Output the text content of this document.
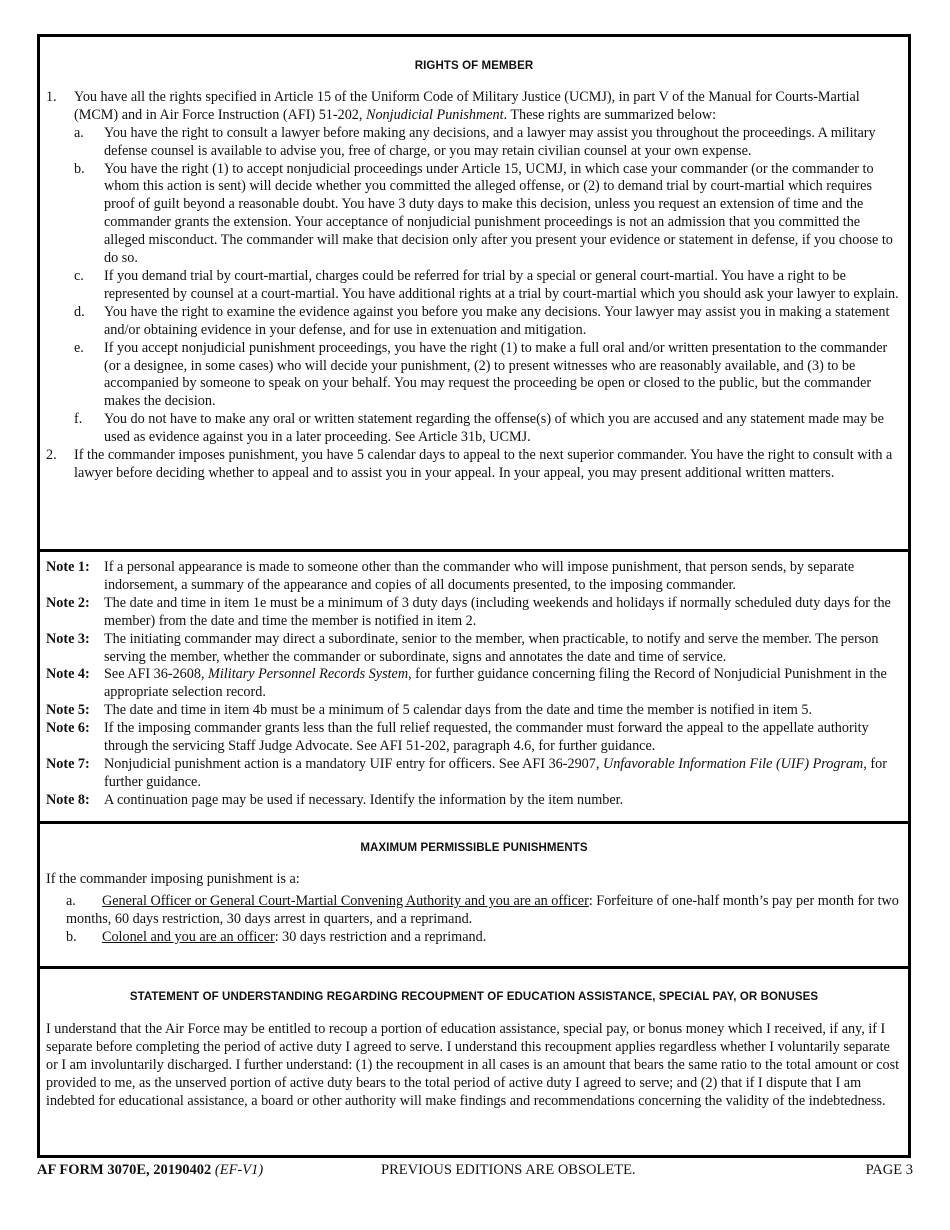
RIGHTS OF MEMBER
1. You have all the rights specified in Article 15 of the Uniform Code of Military Justice (UCMJ), in part V of the Manual for Courts-Martial (MCM) and in Air Force Instruction (AFI) 51-202, Nonjudicial Punishment. These rights are summarized below:
a. You have the right to consult a lawyer before making any decisions, and a lawyer may assist you throughout the proceedings. A military defense counsel is available to advise you, free of charge, or you may retain civilian counsel at your own expense.
b. You have the right (1) to accept nonjudicial proceedings under Article 15, UCMJ, in which case your commander (or the commander to whom this action is sent) will decide whether you committed the alleged offense, or (2) to demand trial by court-martial which requires proof of guilt beyond a reasonable doubt. You have 3 duty days to make this decision, unless you request an extension of time and the commander grants the extension. Your acceptance of nonjudicial punishment proceedings is not an admission that you committed the alleged misconduct. The commander will make that decision only after you present your evidence or statement in defense, if you choose to do so.
c. If you demand trial by court-martial, charges could be referred for trial by a special or general court-martial. You have a right to be represented by counsel at a court-martial. You have additional rights at a trial by court-martial which you should ask your lawyer to explain.
d. You have the right to examine the evidence against you before you make any decisions. Your lawyer may assist you in making a statement and/or obtaining evidence in your defense, and for use in extenuation and mitigation.
e. If you accept nonjudicial punishment proceedings, you have the right (1) to make a full oral and/or written presentation to the commander (or a designee, in some cases) who will decide your punishment, (2) to present witnesses who are reasonably available, and (3) to be accompanied by someone to speak on your behalf. You may request the proceeding be open or closed to the public, but the commander makes the decision.
f. You do not have to make any oral or written statement regarding the offense(s) of which you are accused and any statement made may be used as evidence against you in a later proceeding. See Article 31b, UCMJ.
2. If the commander imposes punishment, you have 5 calendar days to appeal to the next superior commander. You have the right to consult with a lawyer before deciding whether to appeal and to assist you in your appeal. In your appeal, you may present additional written matters.
Note 1: If a personal appearance is made to someone other than the commander who will impose punishment, that person sends, by separate indorsement, a summary of the appearance and copies of all documents presented, to the imposing commander.
Note 2: The date and time in item 1e must be a minimum of 3 duty days (including weekends and holidays if normally scheduled duty days for the member) from the date and time the member is notified in item 2.
Note 3: The initiating commander may direct a subordinate, senior to the member, when practicable, to notify and serve the member. The person serving the member, whether the commander or subordinate, signs and annotates the date and time of service.
Note 4: See AFI 36-2608, Military Personnel Records System, for further guidance concerning filing the Record of Nonjudicial Punishment in the appropriate selection record.
Note 5: The date and time in item 4b must be a minimum of 5 calendar days from the date and time the member is notified in item 5.
Note 6: If the imposing commander grants less than the full relief requested, the commander must forward the appeal to the appellate authority through the servicing Staff Judge Advocate. See AFI 51-202, paragraph 4.6, for further guidance.
Note 7: Nonjudicial punishment action is a mandatory UIF entry for officers. See AFI 36-2907, Unfavorable Information File (UIF) Program, for further guidance.
Note 8: A continuation page may be used if necessary. Identify the information by the item number.
MAXIMUM PERMISSIBLE PUNISHMENTS
If the commander imposing punishment is a:
a.	General Officer or General Court-Martial Convening Authority and you are an officer: Forfeiture of one-half month’s pay per month for two months, 60 days restriction, 30 days arrest in quarters, and a reprimand.
b.	Colonel and you are an officer: 30 days restriction and a reprimand.
STATEMENT OF UNDERSTANDING REGARDING RECOUPMENT OF EDUCATION ASSISTANCE, SPECIAL PAY, OR BONUSES
I understand that the Air Force may be entitled to recoup a portion of education assistance, special pay, or bonus money which I received, if any, if I separate before completing the period of active duty I agreed to serve. I understand this recoupment applies regardless whether I voluntarily separate or I am involuntarily discharged. I further understand: (1) the recoupment in all cases is an amount that bears the same ratio to the total amount or cost provided to me, as the unserved portion of active duty bears to the total period of active duty I agreed to serve; and (2) that if I dispute that I am indebted for educational assistance, a board or other authority will make findings and recommendations concerning the validity of the indebtedness.
AF FORM 3070E, 20190402 (EF-V1)	PREVIOUS EDITIONS ARE OBSOLETE.	PAGE 3
